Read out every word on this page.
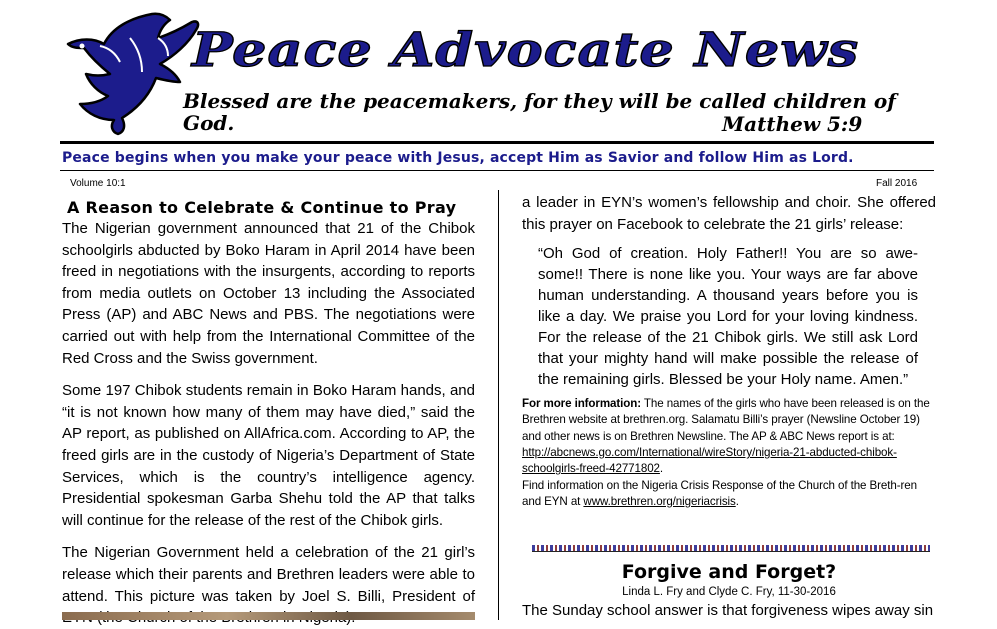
Peace Advocate News

Blessed are the peacemakers, for they will be called children of God.	Matthew 5:9

Peace begins when you make your peace with Jesus, accept Him as Savior and follow Him as Lord.

Volume 10:1	Fall 2016
A Reason to Celebrate & Continue to Pray

The Nigerian government announced that 21 of the Chibok schoolgirls abducted by Boko Haram in April 2014 have been freed in negotiations with the insurgents, according to reports from media outlets on October 13 including the Associated Press (AP) and ABC News and PBS. The negotiations were carried out with help from the International Committee of the Red Cross and the Swiss government.

Some 197 Chibok students remain in Boko Haram hands, and “it is not known how many of them may have died,” said the AP report, as published on AllAfrica.com. According to AP, the freed girls are in the custody of Nigeria’s Department of State Services, which is the country’s intelligence agency. Presidential spokesman Garba Shehu told the AP that talks will continue for the release of the rest of the Chibok girls.

The Nigerian Government held a celebration of the 21 girl’s release which their parents and Brethren leaders were able to attend. This picture was taken by Joel S. Billi, President of

a leader in EYN’s women’s fellowship and choir. She offered this prayer on Facebook to celebrate the 21 girls’ release:

“Oh God of creation. Holy Father!! You are so awe-some!! There is none like you. Your ways are far above human understanding. A thousand years before you is like a day. We praise you Lord for your loving kindness. For the release of the 21 Chibok girls. We still ask Lord that your mighty hand will make possible the release of the remaining girls. Blessed be your Holy name. Amen.”

For more information: The names of the girls who have been released is on the Brethren website at brethren.org. Salamatu Billi’s prayer (Newsline October 19) and other news is on Brethren Newsline. The AP & ABC News report is at:
http://abcnews.go.com/International/wireStory/nigeria-21-abducted-chibok-schoolgirls-freed-42771802.
Find information on the Nigeria Crisis Response of the Church of the Breth-ren and EYN at www.brethren.org/nigeriacrisis.

Forgive and Forget?
Linda L. Fry and Clyde C. Fry, 11-30-2016

The Sunday school answer is that forgiveness wipes away sin
